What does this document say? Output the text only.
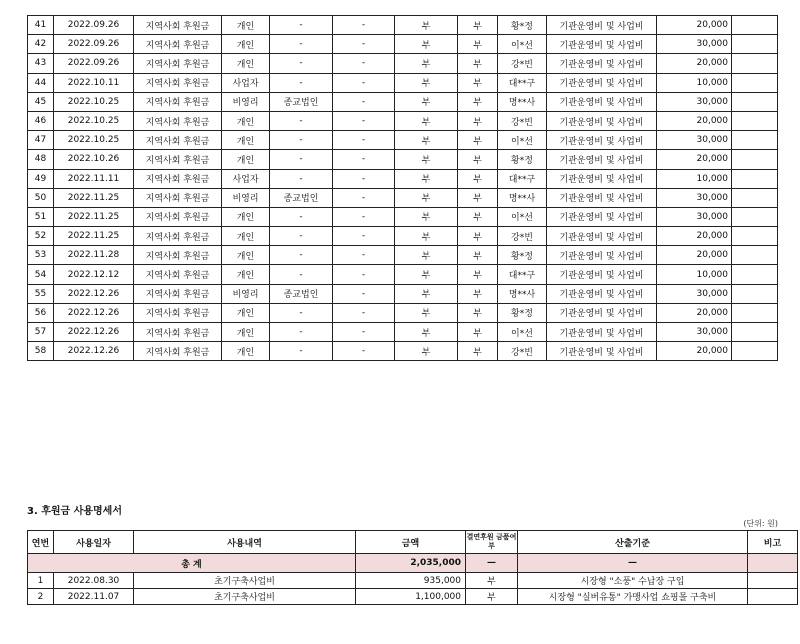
41	2022.09.26	지역사회 후원금	개인	-	-	부	부	황*정	기관운영비 및 사업비	20,000	
42	2022.09.26	지역사회 후원금	개인	-	-	부	부	이*선	기관운영비 및 사업비	30,000	
43	2022.09.26	지역사회 후원금	개인	-	-	부	부	강*빈	기관운영비 및 사업비	20,000	
44	2022.10.11	지역사회 후원금	사업자	-	-	부	부	대**구	기관운영비 및 사업비	10,000	
45	2022.10.25	지역사회 후원금	비영리	종교법인	-	부	부	명**사	기관운영비 및 사업비	30,000	
46	2022.10.25	지역사회 후원금	개인	-	-	부	부	강*빈	기관운영비 및 사업비	20,000	
47	2022.10.25	지역사회 후원금	개인	-	-	부	부	이*선	기관운영비 및 사업비	30,000	
48	2022.10.26	지역사회 후원금	개인	-	-	부	부	황*정	기관운영비 및 사업비	20,000	
49	2022.11.11	지역사회 후원금	사업자	-	-	부	부	대**구	기관운영비 및 사업비	10,000	
50	2022.11.25	지역사회 후원금	비영리	종교법인	-	부	부	명**사	기관운영비 및 사업비	30,000	
51	2022.11.25	지역사회 후원금	개인	-	-	부	부	이*선	기관운영비 및 사업비	30,000	
52	2022.11.25	지역사회 후원금	개인	-	-	부	부	강*빈	기관운영비 및 사업비	20,000	
53	2022.11.28	지역사회 후원금	개인	-	-	부	부	황*정	기관운영비 및 사업비	20,000	
54	2022.12.12	지역사회 후원금	개인	-	-	부	부	대**구	기관운영비 및 사업비	10,000	
55	2022.12.26	지역사회 후원금	비영리	종교법인	-	부	부	명**사	기관운영비 및 사업비	30,000	
56	2022.12.26	지역사회 후원금	개인	-	-	부	부	황*정	기관운영비 및 사업비	20,000	
57	2022.12.26	지역사회 후원금	개인	-	-	부	부	이*선	기관운영비 및 사업비	30,000	
58	2022.12.26	지역사회 후원금	개인	-	-	부	부	강*빈	기관운영비 및 사업비	20,000	
3. 후원금 사용명세서
(단위: 원)
연번	사용일자	사용내역	금액	결연후원 금품여부	산출기준	비고
총 계			2,035,000	—	—	
1	2022.08.30	초기구축사업비	935,000	부	시장형 "소풍" 수납장 구입	
2	2022.11.07	초기구축사업비	1,100,000	부	시장형 "실버유통" 가맹사업 쇼핑몰 구축비	
